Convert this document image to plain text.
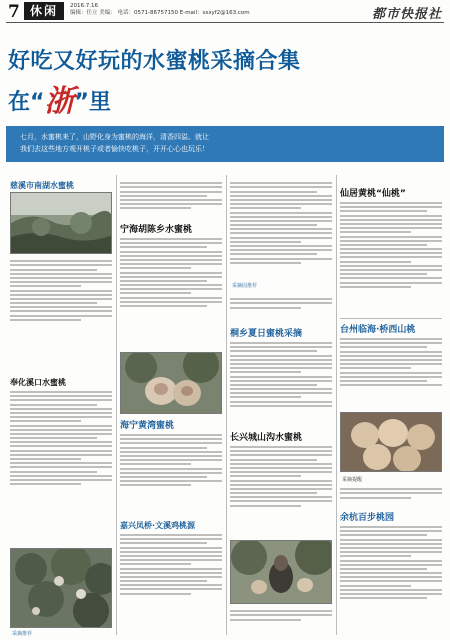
7 休闲	2016.7.16
编辑：任立 美编： 电话：0571-86757150 E-mail：sxsyf2@163.com	都市快报社
好吃又好玩的水蜜桃采摘合集
在“浙”里
七月，水蜜桃来了，山野化身为蜜桃的海洋，清香四溢。就让
我们去这些地方观开桃子或者愉快吃桃子，开开心心也玩乐！
慈溪市南湖水蜜桃
奉化溪口水蜜桃
采摘推荐
宁海胡陈乡水蜜桃
海宁黄湾蜜桃
嘉兴凤桥·文溪鸡桃源
采摘园推荐
桐乡夏日蜜桃采摘
长兴城山沟水蜜桃
仙居黄桃“仙桃”
台州临海·桥西山桃
采摘提醒
余杭百步桃园
